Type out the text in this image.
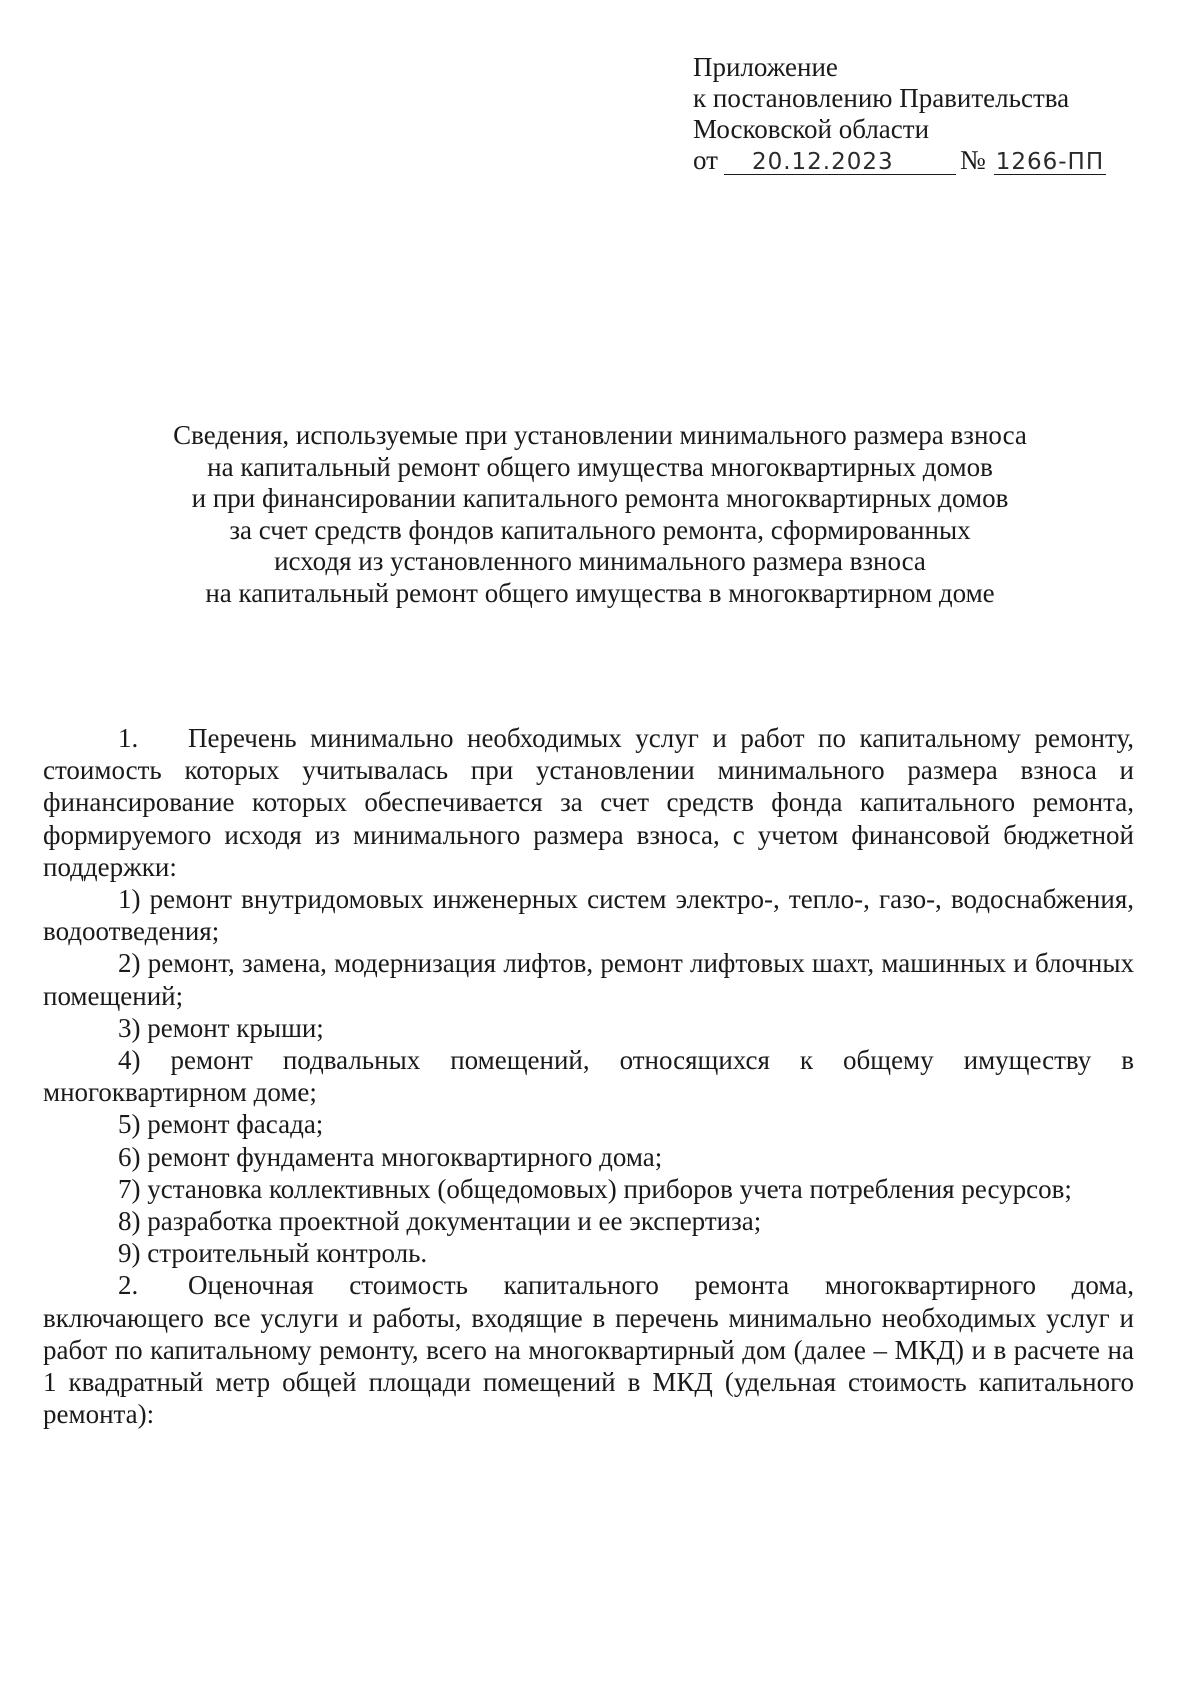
Приложение
к постановлению Правительства
Московской области
от	20.12.2023	№ 1266-ПП
Сведения, используемые при установлении минимального размера взноса
на капитальный ремонт общего имущества многоквартирных домов
и при финансировании капитального ремонта многоквартирных домов
за счет средств фондов капитального ремонта, сформированных
исходя из установленного минимального размера взноса
на капитальный ремонт общего имущества в многоквартирном доме

1. Перечень минимально необходимых услуг и работ по капитальному ремонту, стоимость которых учитывалась при установлении минимального размера взноса и финансирование которых обеспечивается за счет средств фонда капитального ремонта, формируемого исходя из минимального размера взноса, с учетом финансовой бюджетной поддержки:

1) ремонт внутридомовых инженерных систем электро-, тепло-, газо-, водоснабжения, водоотведения;

2) ремонт, замена, модернизация лифтов, ремонт лифтовых шахт, машинных и блочных помещений;

3) ремонт крыши;

4) ремонт подвальных помещений, относящихся к общему имуществу в многоквартирном доме;

5) ремонт фасада;

6) ремонт фундамента многоквартирного дома;

7) установка коллективных (общедомовых) приборов учета потребления ресурсов;

8) разработка проектной документации и ее экспертиза;

9) строительный контроль.

2. Оценочная стоимость капитального ремонта многоквартирного дома, включающего все услуги и работы, входящие в перечень минимально необходимых услуг и работ по капитальному ремонту, всего на многоквартирный дом (далее – МКД) и в расчете на 1 квадратный метр общей площади помещений в МКД (удельная стоимость капитального ремонта):
